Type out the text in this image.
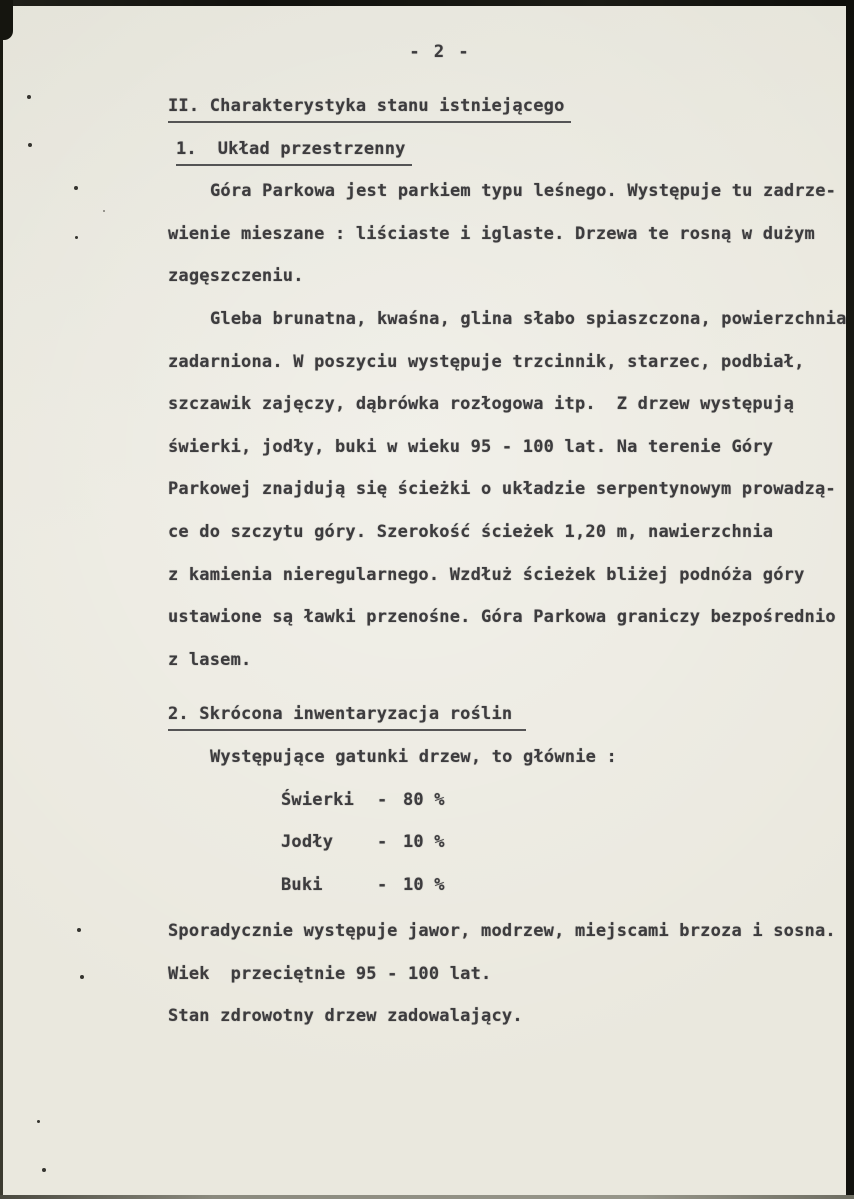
- 2 -
II. Charakterystyka stanu istniejącego
1.  Układ przestrzenny
Góra Parkowa jest parkiem typu leśnego. Występuje tu zadrze-
wienie mieszane : liściaste i iglaste. Drzewa te rosną w dużym
zagęszczeniu.
Gleba brunatna, kwaśna, glina słabo spiaszczona, powierzchnia
zadarniona. W poszyciu występuje trzcinnik, starzec, podbiał,
szczawik zajęczy, dąbrówka rozłogowa itp.  Z drzew występują
świerki, jodły, buki w wieku 95 - 100 lat. Na terenie Góry
Parkowej znajdują się ścieżki o układzie serpentynowym prowadzą-
ce do szczytu góry. Szerokość ścieżek 1,20 m, nawierzchnia
z kamienia nieregularnego. Wzdłuż ścieżek bliżej podnóża góry
ustawione są ławki przenośne. Góra Parkowa graniczy bezpośrednio
z lasem.
2. Skrócona inwentaryzacja roślin
Występujące gatunki drzew, to głównie :
Świerki - 80 %
Jodły	- 10 %
Buki	- 10 %
Sporadycznie występuje jawor, modrzew, miejscami brzoza i sosna.
Wiek  przeciętnie 95 - 100 lat.
Stan zdrowotny drzew zadowalający.
